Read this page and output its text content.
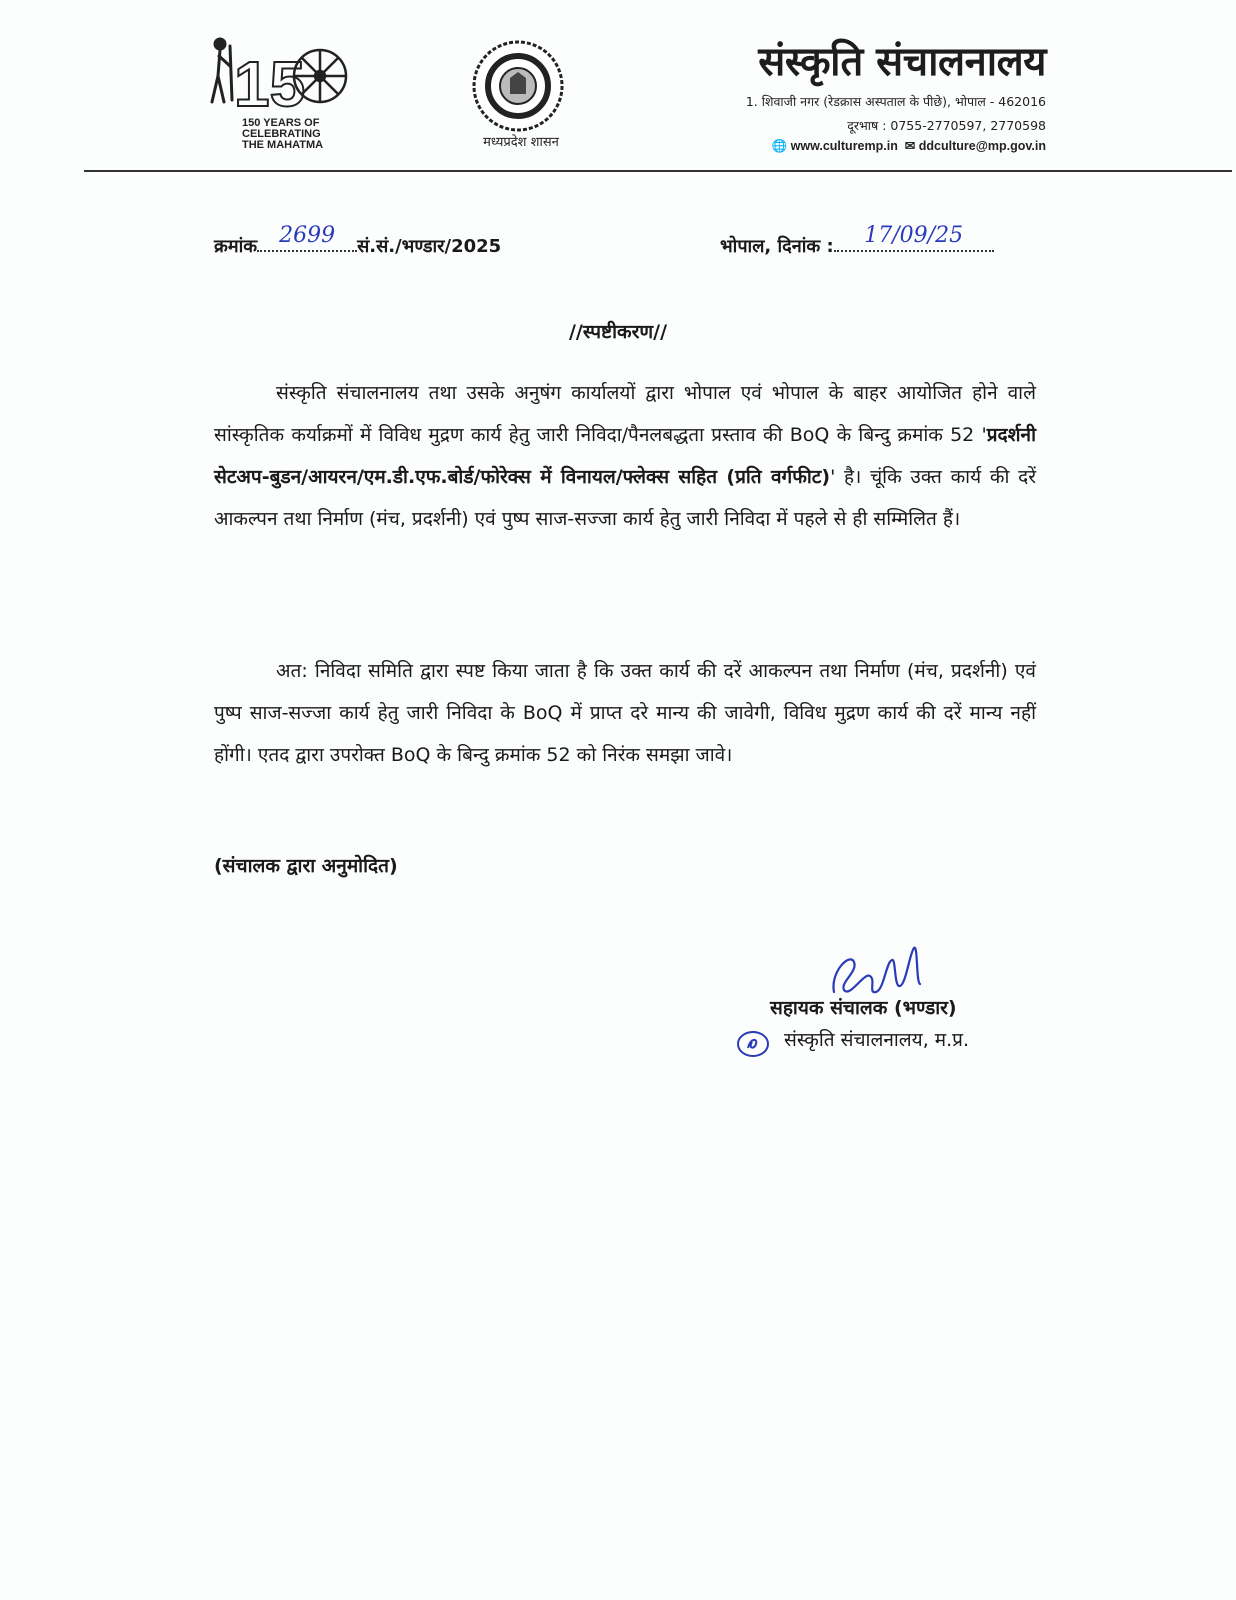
15
150 YEARS OF CELEBRATING THE MAHATMA	मध्यप्रदेश शासन
संस्कृति संचालनालय
1. शिवाजी नगर (रेडक्रास अस्पताल के पीछे), भोपाल - 462016
दूरभाष : 0755-2770597, 2770598
🌐 www.culturemp.in ✉ ddculture@mp.gov.in
क्रमांक	2699	सं.सं./भण्डार/2025	भोपाल, दिनांक :	17/09/25
//स्पष्टीकरण//

संस्कृति संचालनालय तथा उसके अनुषंग कार्यालयों द्वारा भोपाल एवं भोपाल के बाहर आयोजित होने वाले सांस्कृतिक कर्याक्रमों में विविध मुद्रण कार्य हेतु जारी निविदा/पैनलबद्धता प्रस्ताव की BoQ के बिन्दु क्रमांक 52 'प्रदर्शनी सेटअप-बुडन/आयरन/एम.डी.एफ.बोर्ड/फोरेक्स में विनायल/फ्लेक्स सहित (प्रति वर्गफीट)' है। चूंकि उक्त कार्य की दरें आकल्पन तथा निर्माण (मंच, प्रदर्शनी) एवं पुष्प साज-सज्जा कार्य हेतु जारी निविदा में पहले से ही सम्मिलित हैं।

अत: निविदा समिति द्वारा स्पष्ट किया जाता है कि उक्त कार्य की दरें आकल्पन तथा निर्माण (मंच, प्रदर्शनी) एवं पुष्प साज-सज्जा कार्य हेतु जारी निविदा के BoQ में प्राप्त दरे मान्य की जावेगी, विविध मुद्रण कार्य की दरें मान्य नहीं होंगी। एतद द्वारा उपरोक्त BoQ के बिन्दु क्रमांक 52 को निरंक समझा जावे।

(संचालक द्वारा अनुमोदित)
सहायक संचालक (भण्डार)
संस्कृति संचालनालय, म.प्र.
